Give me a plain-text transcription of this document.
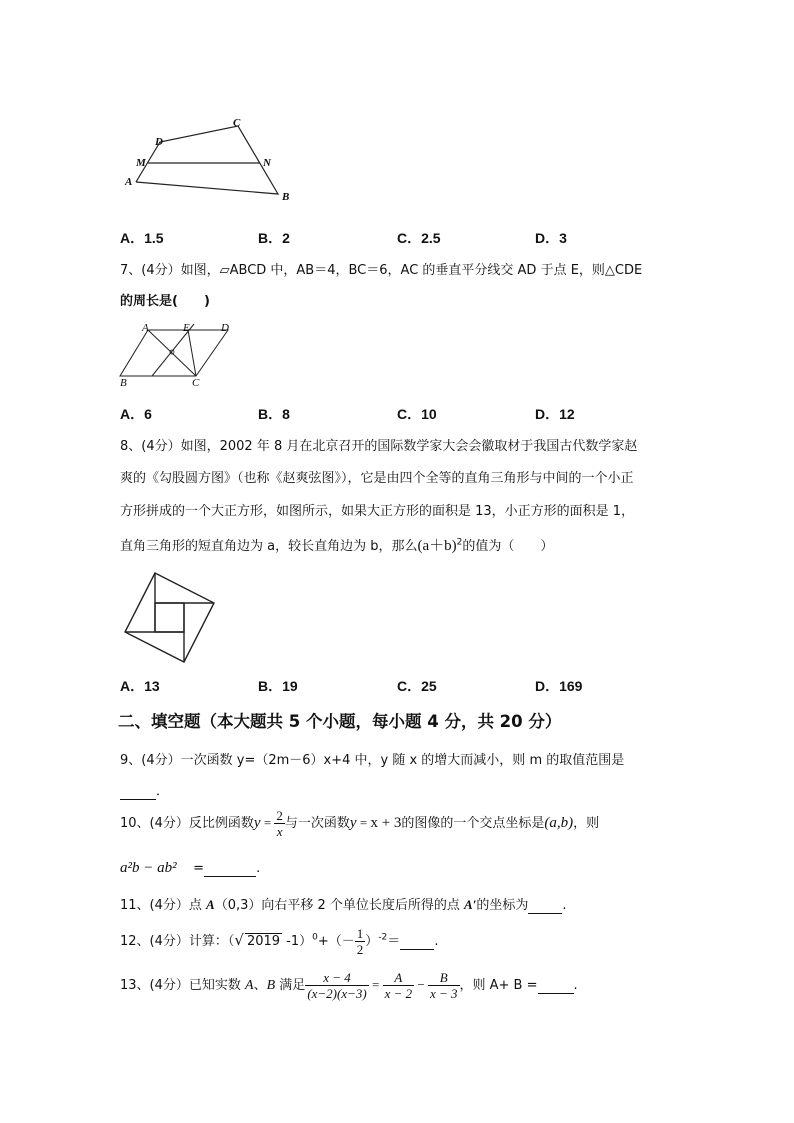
D
C
M	N
A
B
A．1.5	B．2	C．2.5	D．3
7、(4分）如图，▱ABCD 中，AB＝4，BC＝6，AC 的垂直平分线交 AD 于点 E，则△CDE
的周长是(　　)
A	E	D
B	C
A．6	B．8	C．10	D．12
8、(4分）如图，2002 年 8 月在北京召开的国际数学家大会会徽取材于我国古代数学家赵
爽的《勾股圆方图》（也称《赵爽弦图》），它是由四个全等的直角三角形与中间的一个小正
方形拼成的一个大正方形，如图所示，如果大正方形的面积是 13，小正方形的面积是 1，
直角三角形的短直角边为 a，较长直角边为 b，那么$(a+b)^2$的值为（　　）
A．13	B．19	C．25	D．169
二、填空题（本大题共 5 个小题，每小题 4 分，共 20 分）
9、(4分）一次函数 y=（2m－6）x+4 中，y 随 x 的增大而减小，则 m 的取值范围是
．
10、(4分）反比例函数$y = \frac{2}{x}$ 与一次函数y = x + 3的图像的一个交点坐标是(a,b)，则
a²b − ab² =	.
11、(4分）点 A（0,3）向右平移 2 个单位长度后所得的点 A′的坐标为	.
12、(4分）计算：（√ 2019 $-1)^0+(- \frac{1}{2} )^{-2}=$	.
13、(4分）已知实数 A、B 满足 $\frac{x - 4}{(x-2)(x-3)} = \frac{A}{x - 2} - \frac{B}{x - 3}$ ，则 A+ B =	.
